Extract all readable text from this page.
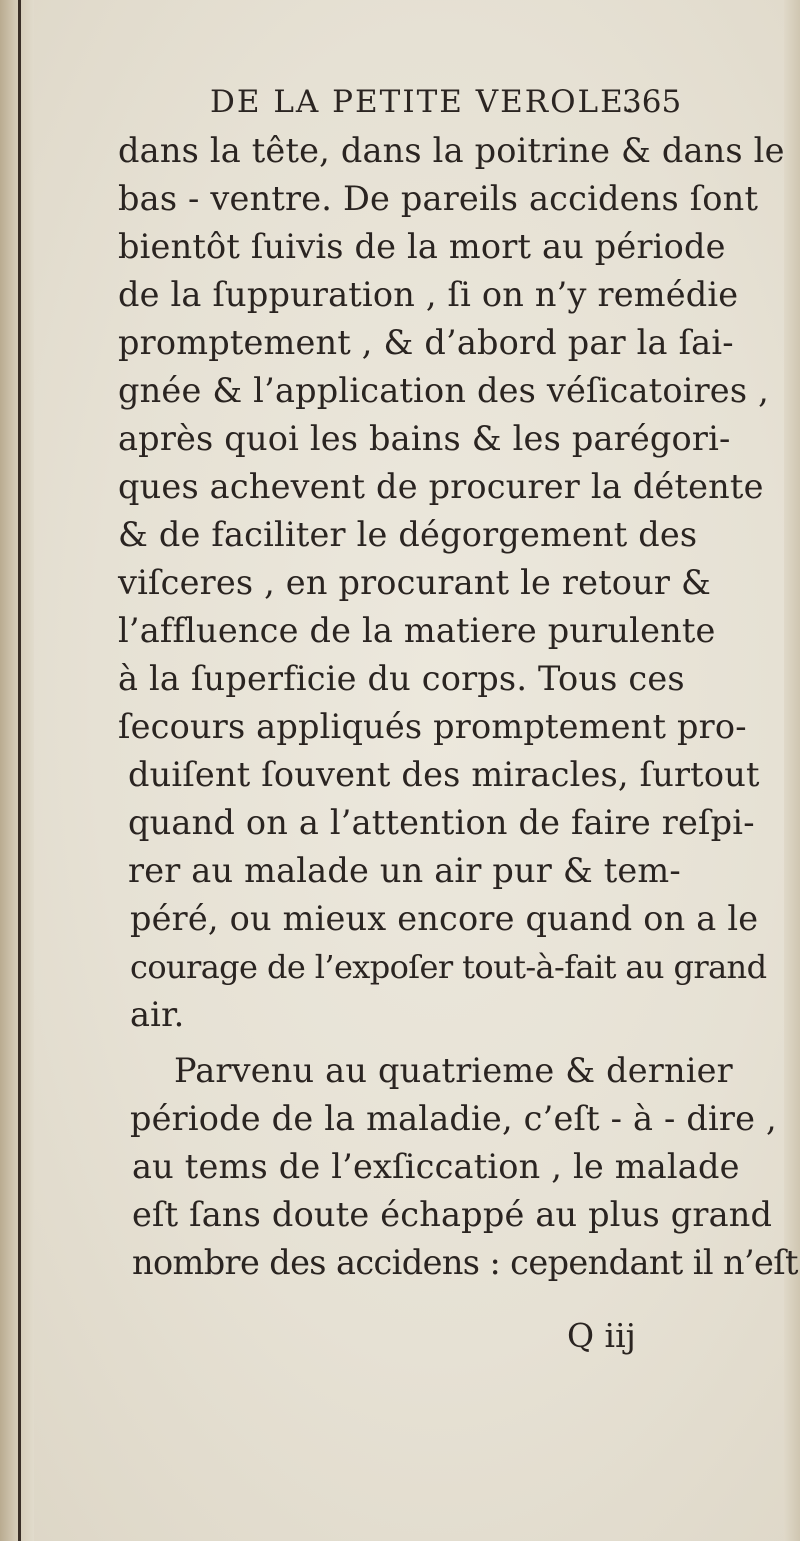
DE LA PETITE VEROLE.
365
dans la tête, dans la poitrine & dans le
bas - ventre. De pareils accidens ſont
bientôt ſuivis de la mort au période
de la ſuppuration , ſi on n’y remédie
promptement , & d’abord par la ſai-
gnée & l’application des véſicatoires ,
après quoi les bains & les parégori-
ques achevent de procurer la détente
& de faciliter le dégorgement des
viſceres , en procurant le retour &
l’affluence de la matiere purulente
à la ſuperficie du corps. Tous ces
ſecours appliqués promptement pro-
duiſent ſouvent des miracles, ſurtout
quand on a l’attention de faire reſpi-
rer au malade un air pur & tem-
péré, ou mieux encore quand on a le
courage de l’expoſer tout-à-fait au grand
air.
Parvenu au quatrieme & dernier
période de la maladie, c’eſt - à - dire ,
au tems de l’exſiccation , le malade
eſt ſans doute échappé au plus grand
nombre des accidens : cependant il n’eſt
Q iij
